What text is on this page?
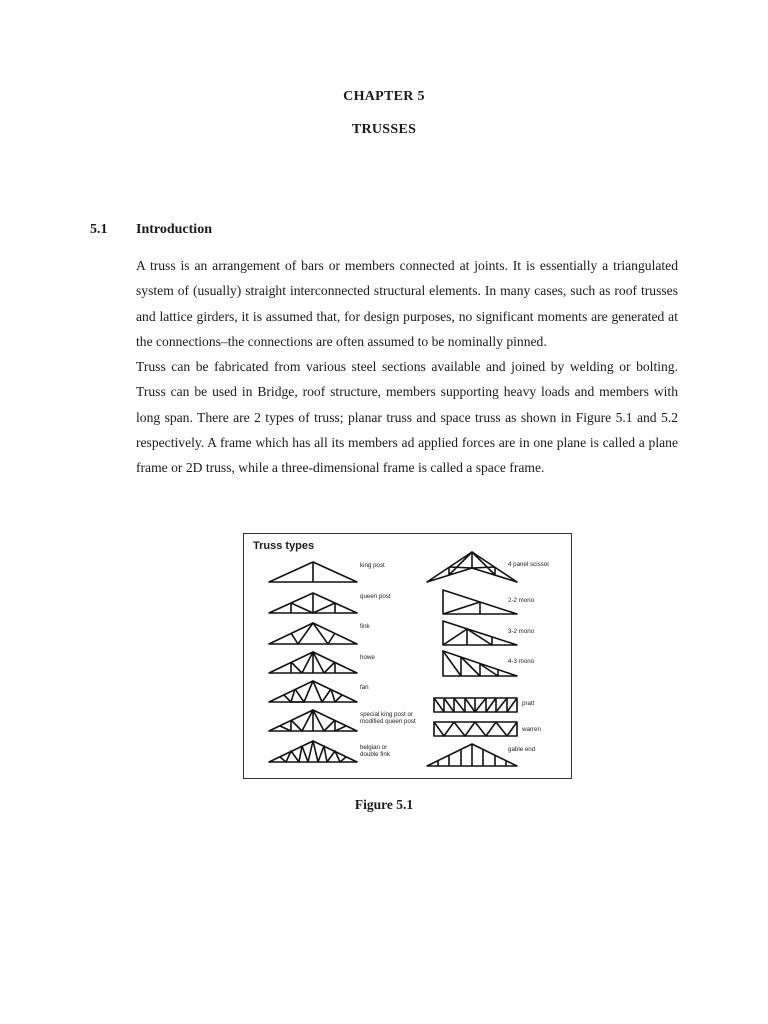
CHAPTER 5
TRUSSES
5.1 Introduction

A truss is an arrangement of bars or members connected at joints. It is essentially a triangulated system of (usually) straight interconnected structural elements. In many cases, such as roof trusses and lattice girders, it is assumed that, for design purposes, no significant moments are generated at the connections–the connections are often assumed to be nominally pinned.

Truss can be fabricated from various steel sections available and joined by welding or bolting. Truss can be used in Bridge, roof structure, members supporting heavy loads and members with long span. There are 2 types of truss; planar truss and space truss as shown in Figure 5.1 and 5.2 respectively. A frame which has all its members ad applied forces are in one plane is called a plane frame or 2D truss, while a three-dimensional frame is called a space frame.

Truss types
king post
queen post
fink
howe
fan
special king post or
modified queen post
belgian or
double fink
4 panel scissor
2-2 mono
3-2 mono
4-3 mono
pratt
warren
gable end
Figure 5.1
